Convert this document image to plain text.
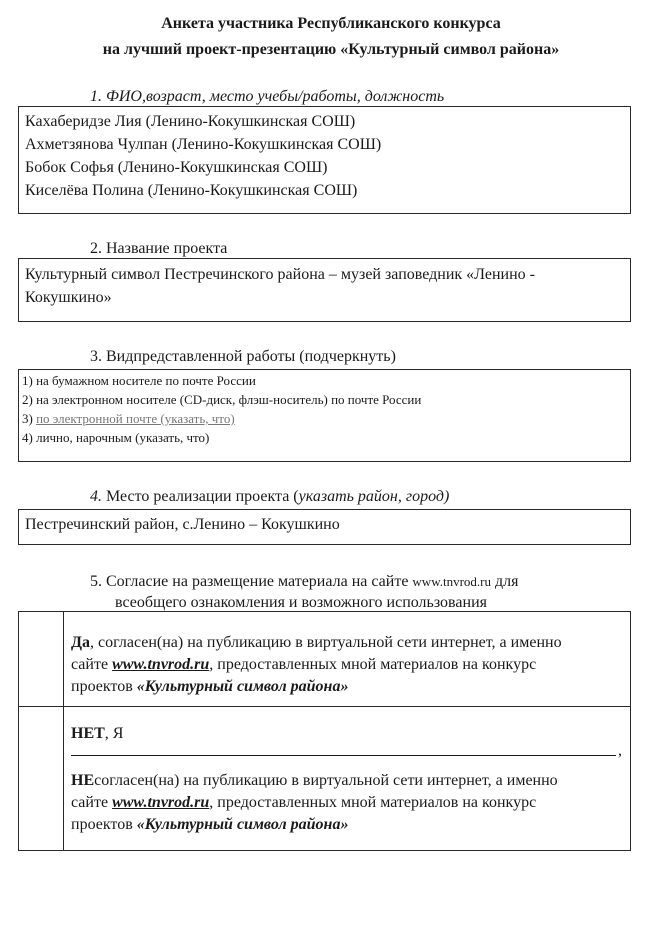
Анкета участника Республиканского конкурса
на лучший проект-презентацию «Культурный символ района»
1. ФИО,возраст, место учебы/работы, должность
Кахаберидзе Лия (Ленино-Кокушкинская СОШ)
Ахметзянова Чулпан (Ленино-Кокушкинская СОШ)
Бобок Софья (Ленино-Кокушкинская СОШ)
Киселёва Полина (Ленино-Кокушкинская СОШ)
2. Название проекта
Культурный символ Пестречинского района – музей заповедник «Ленино -
Кокушкино»
3. Видпредставленной работы (подчеркнуть)
1) на бумажном носителе по почте России
2) на электронном носителе (CD-диск, флэш-носитель) по почте России
3) по электронной почте (указать, что)
4) лично, нарочным (указать, что)
4. Место реализации проекта (указать район, город)
Пестречинский район, с.Ленино – Кокушкино
5. Согласие на размещение материала на сайте www.tnvrod.ru для
всеобщего ознакомления и возможного использования
Да, согласен(на) на публикацию в виртуальной сети интернет, а именно
сайте www.tnvrod.ru, предоставленных мной материалов на конкурс
проектов «Культурный символ района»
НЕТ, Я
,
НЕсогласен(на) на публикацию в виртуальной сети интернет, а именно
сайте www.tnvrod.ru, предоставленных мной материалов на конкурс
проектов «Культурный символ района»
